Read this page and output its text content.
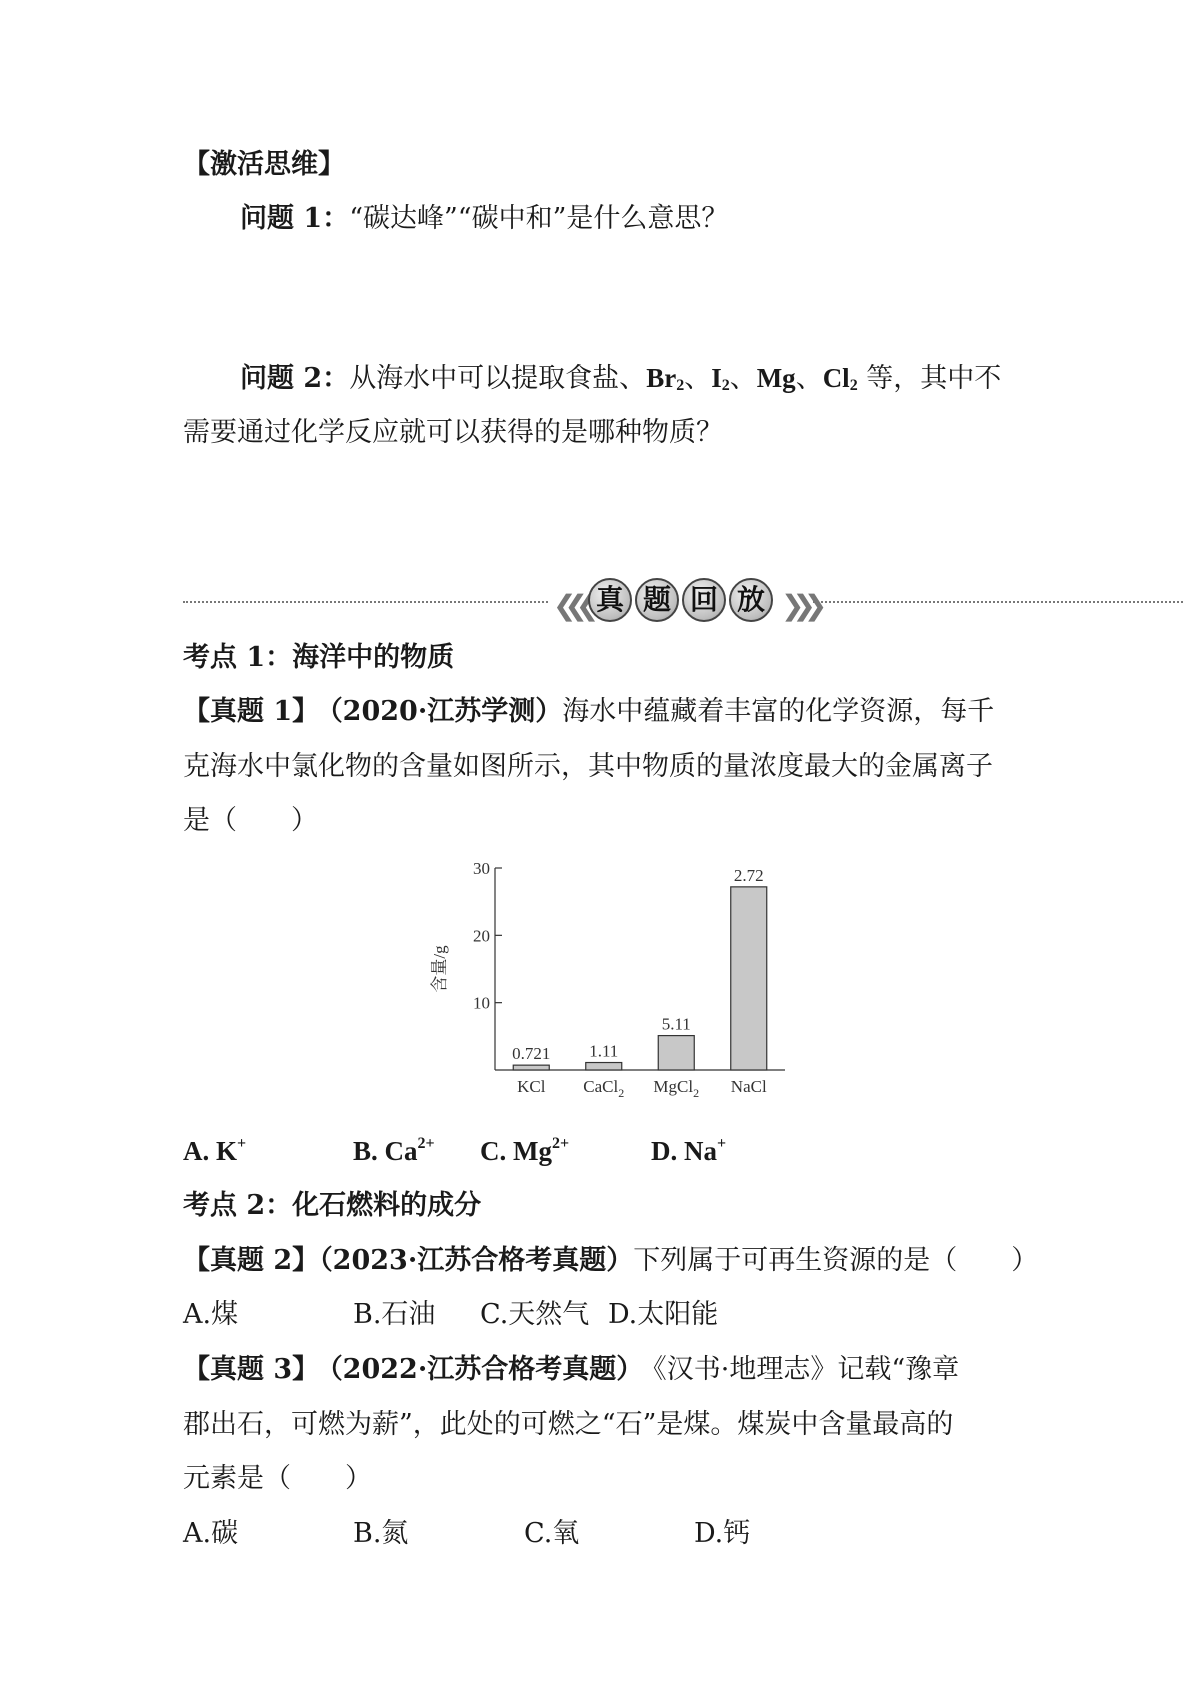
【激活思维】
问题 1：“碳达峰”“碳中和”是什么意思？
问题 2：从海水中可以提取食盐、$Br_2$、$I_2$、Mg、$Cl_2$ 等，其中不
需要通过化学反应就可以获得的是哪种物质？
❮❮❮ 真 题 回 放 ❯❯❯
考点 1：海洋中的物质
【真题 1】 （2020·江苏学测）海水中蕴藏着丰富的化学资源，每千
克海水中氯化物的含量如图所示，其中物质的量浓度最大的金属离子
是（　　）
10
20
30
含量/g
0.721
KCl
1.11
CaCl$_2$
5.11
MgCl$_2$
2.72
NaCl
A. K+	B. $Ca^{2+}$ C. $Mg^{2+}$	D. Na+
考点 2：化石燃料的成分
【真题 2】（2023·江苏合格考真题）下列属于可再生资源的是（　　）
A.煤	B.石油 C.天然气 D.太阳能
【真题 3】 （2022·江苏合格考真题） 《汉书·地理志》记载“豫章
郡出石，可燃为薪”，此处的可燃之“石”是煤。煤炭中含量最高的
元素是（　　）
A.碳	B.氮	C.氧	D.钙
